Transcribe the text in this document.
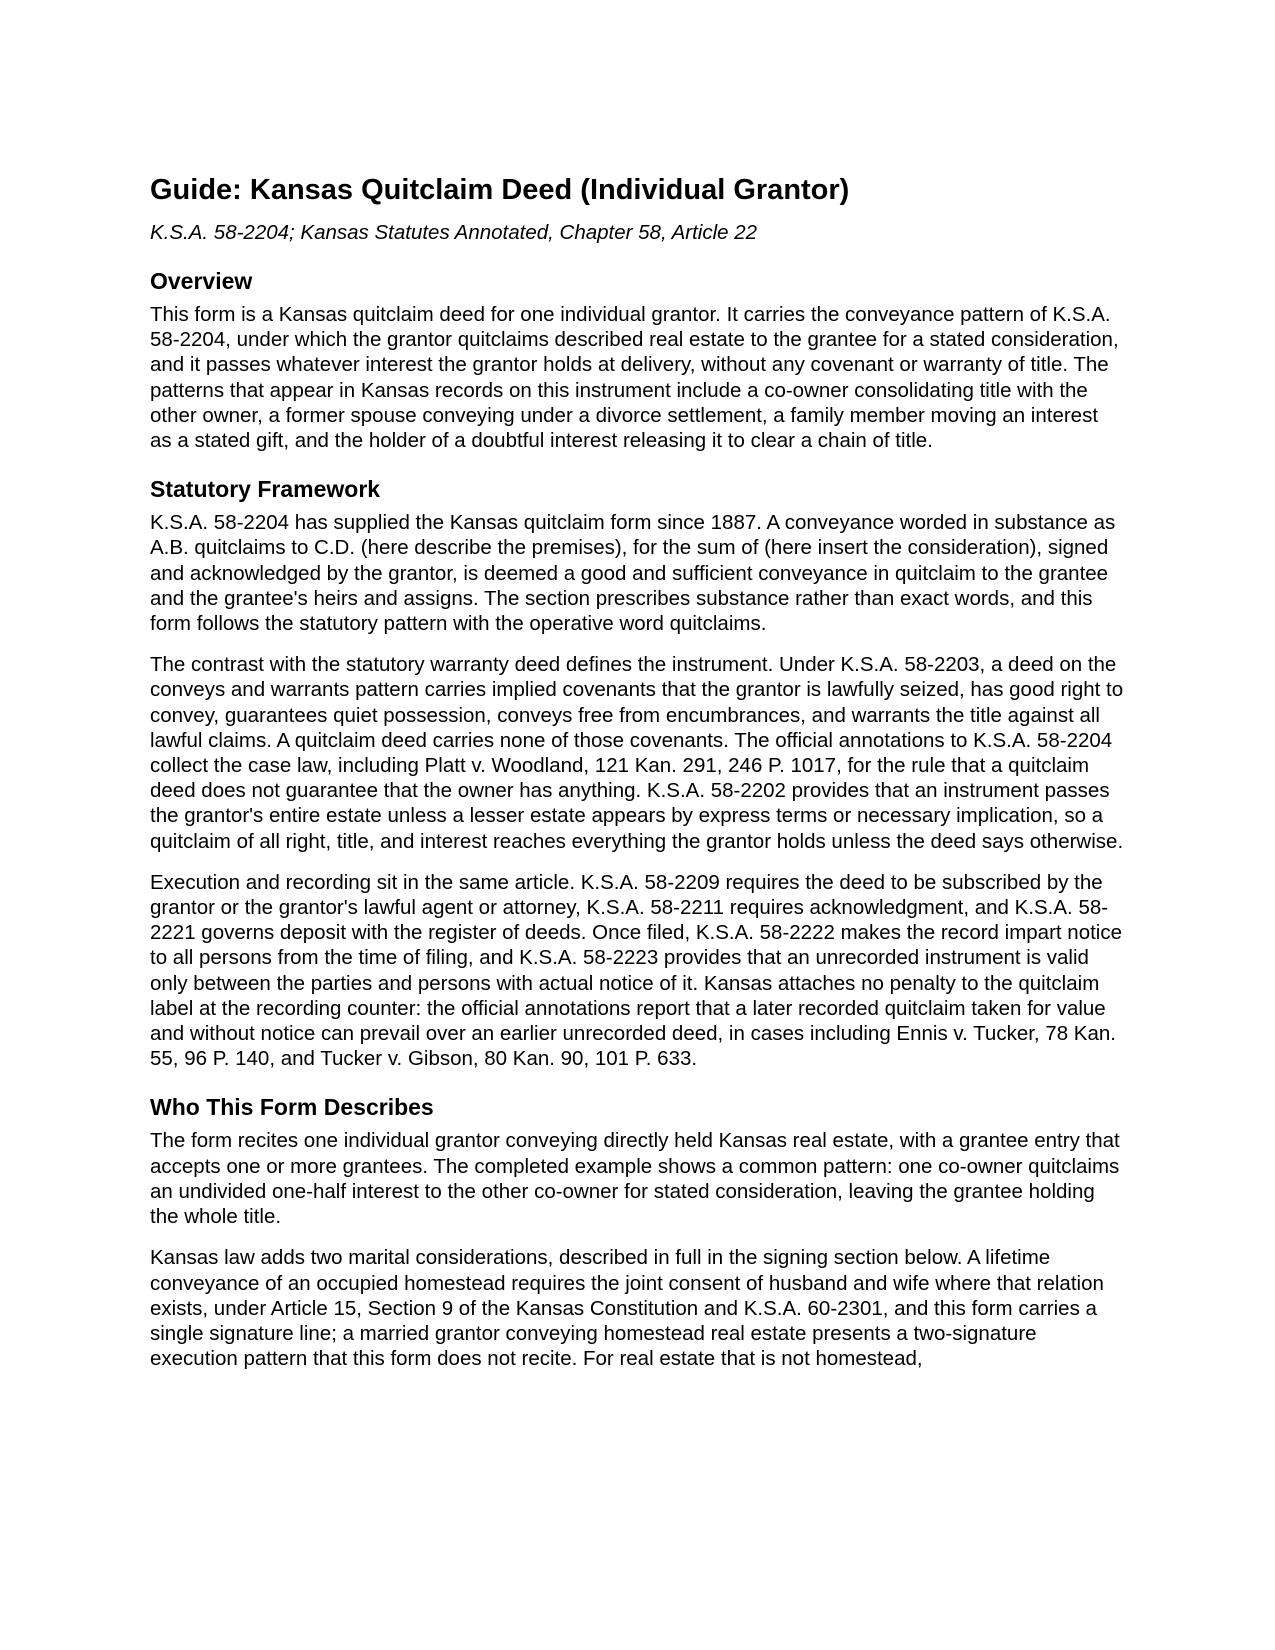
Guide: Kansas Quitclaim Deed (Individual Grantor)
K.S.A. 58-2204; Kansas Statutes Annotated, Chapter 58, Article 22
Overview

This form is a Kansas quitclaim deed for one individual grantor. It carries the conveyance pattern of K.S.A. 58-2204, under which the grantor quitclaims described real estate to the grantee for a stated consideration, and it passes whatever interest the grantor holds at delivery, without any covenant or warranty of title. The patterns that appear in Kansas records on this instrument include a co-owner consolidating title with the other owner, a former spouse conveying under a divorce settlement, a family member moving an interest as a stated gift, and the holder of a doubtful interest releasing it to clear a chain of title.

Statutory Framework

K.S.A. 58-2204 has supplied the Kansas quitclaim form since 1887. A conveyance worded in substance as A.B. quitclaims to C.D. (here describe the premises), for the sum of (here insert the consideration), signed and acknowledged by the grantor, is deemed a good and sufficient conveyance in quitclaim to the grantee and the grantee's heirs and assigns. The section prescribes substance rather than exact words, and this form follows the statutory pattern with the operative word quitclaims.

The contrast with the statutory warranty deed defines the instrument. Under K.S.A. 58-2203, a deed on the conveys and warrants pattern carries implied covenants that the grantor is lawfully seized, has good right to convey, guarantees quiet possession, conveys free from encumbrances, and warrants the title against all lawful claims. A quitclaim deed carries none of those covenants. The official annotations to K.S.A. 58-2204 collect the case law, including Platt v. Woodland, 121 Kan. 291, 246 P. 1017, for the rule that a quitclaim deed does not guarantee that the owner has anything. K.S.A. 58-2202 provides that an instrument passes the grantor's entire estate unless a lesser estate appears by express terms or necessary implication, so a quitclaim of all right, title, and interest reaches everything the grantor holds unless the deed says otherwise.

Execution and recording sit in the same article. K.S.A. 58-2209 requires the deed to be subscribed by the grantor or the grantor's lawful agent or attorney, K.S.A. 58-2211 requires acknowledgment, and K.S.A. 58-2221 governs deposit with the register of deeds. Once filed, K.S.A. 58-2222 makes the record impart notice to all persons from the time of filing, and K.S.A. 58-2223 provides that an unrecorded instrument is valid only between the parties and persons with actual notice of it. Kansas attaches no penalty to the quitclaim label at the recording counter: the official annotations report that a later recorded quitclaim taken for value and without notice can prevail over an earlier unrecorded deed, in cases including Ennis v. Tucker, 78 Kan. 55, 96 P. 140, and Tucker v. Gibson, 80 Kan. 90, 101 P. 633.

Who This Form Describes

The form recites one individual grantor conveying directly held Kansas real estate, with a grantee entry that accepts one or more grantees. The completed example shows a common pattern: one co-owner quitclaims an undivided one-half interest to the other co-owner for stated consideration, leaving the grantee holding the whole title.

Kansas law adds two marital considerations, described in full in the signing section below. A lifetime conveyance of an occupied homestead requires the joint consent of husband and wife where that relation exists, under Article 15, Section 9 of the Kansas Constitution and K.S.A. 60-2301, and this form carries a single signature line; a married grantor conveying homestead real estate presents a two-signature execution pattern that this form does not recite. For real estate that is not homestead,
